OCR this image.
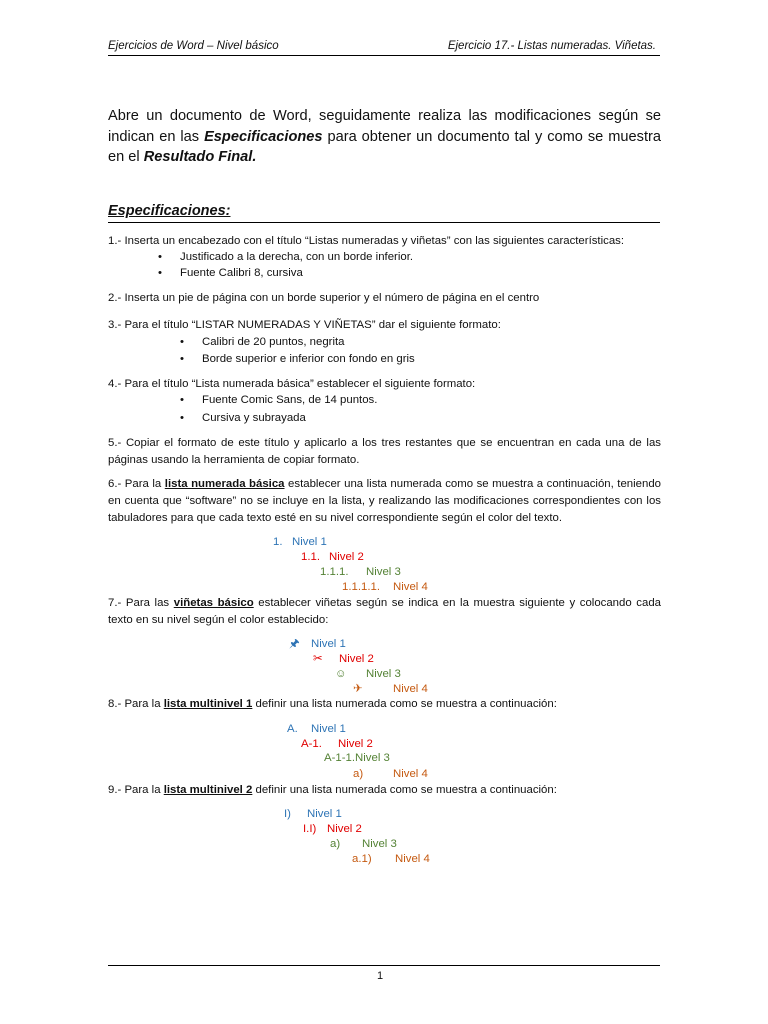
Ejercicios de Word – Nivel básico	Ejercicio 17.- Listas numeradas. Viñetas.
Abre un documento de Word, seguidamente realiza las modificaciones según se indican en las Especificaciones para obtener un documento tal y como se muestra en el Resultado Final.
Especificaciones:
1.- Inserta un encabezado con el título “Listas numeradas y viñetas” con las siguientes características:
• Justificado a la derecha, con un borde inferior.
• Fuente Calibri 8, cursiva
2.- Inserta un pie de página con un borde superior y el número de página en el centro
3.- Para el título “LISTAR NUMERADAS Y VIÑETAS” dar el siguiente formato:
• Calibri de 20 puntos, negrita
• Borde superior e inferior con fondo en gris
4.- Para el título “Lista numerada básica” establecer el siguiente formato:
• Fuente Comic Sans, de 14 puntos.
• Cursiva y subrayada
5.- Copiar el formato de este título y aplicarlo a los tres restantes que se encuentran en cada una de las páginas usando la herramienta de copiar formato.
6.- Para la lista numerada básica establecer una lista numerada como se muestra a continuación, teniendo en cuenta que “software” no se incluye en la lista, y realizando las modificaciones correspondientes con los tabuladores para que cada texto esté en su nivel correspondiente según el color del texto.
1. Nivel 1
1.1. Nivel 2
1.1.1. Nivel 3
1.1.1.1. Nivel 4
7.- Para las viñetas básico establecer viñetas según se indica en la muestra siguiente y colocando cada texto en su nivel según el color establecido:
🖈 Nivel 1
✂ Nivel 2
☺ Nivel 3
✈	Nivel 4
8.- Para la lista multinivel 1 definir una lista numerada como se muestra a continuación:
A. Nivel 1
A-1. Nivel 2
A-1-1.Nivel 3
a)	Nivel 4
9.- Para la lista multinivel 2 definir una lista numerada como se muestra a continuación:
I) Nivel 1
I.I) Nivel 2
a) Nivel 3
a.1) Nivel 4
1
